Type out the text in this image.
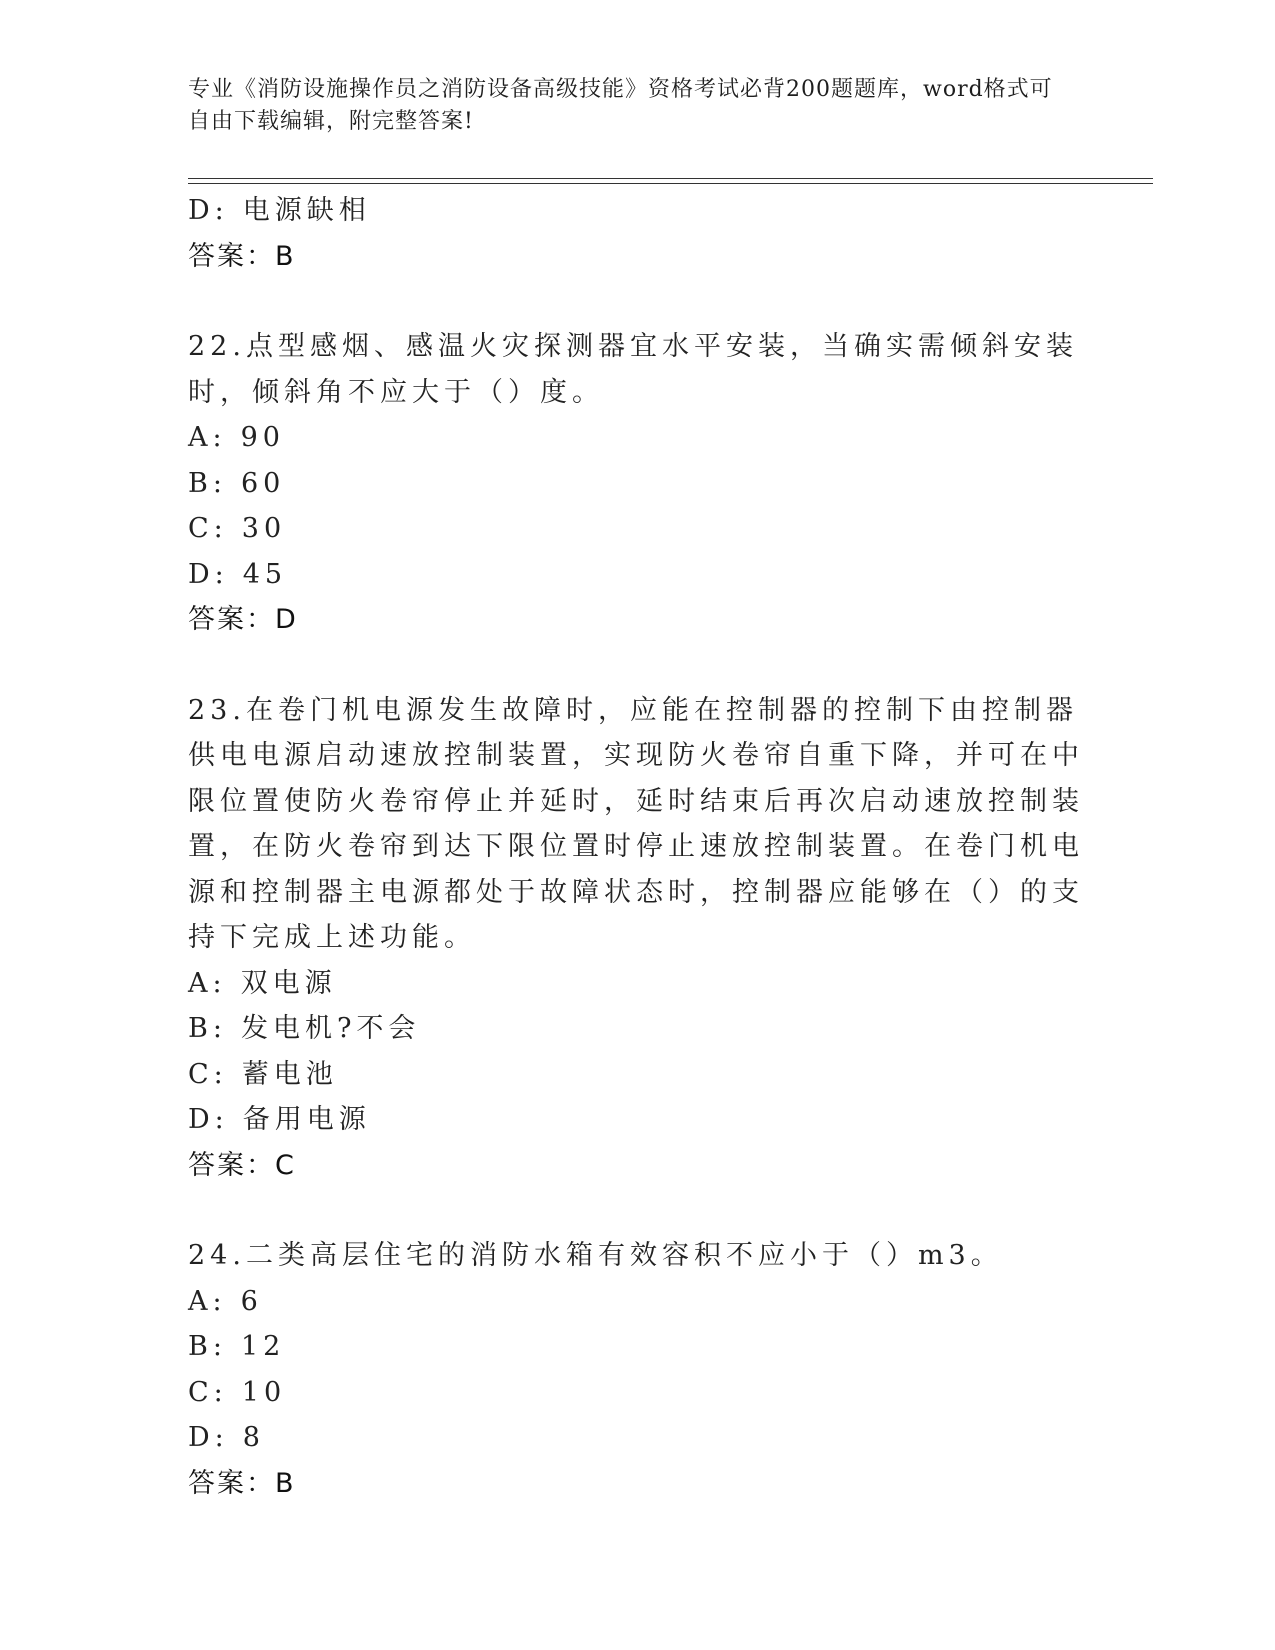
专业《消防设施操作员之消防设备高级技能》资格考试必背200题题库，word格式可自由下载编辑，附完整答案!
D: 电源缺相
答案：B
22.点型感烟、感温火灾探测器宜水平安装，当确实需倾斜安装时，倾斜角不应大于（）度。
A: 90
B: 60
C: 30
D: 45
答案：D
23.在卷门机电源发生故障时，应能在控制器的控制下由控制器供电电源启动速放控制装置，实现防火卷帘自重下降，并可在中限位置使防火卷帘停止并延时，延时结束后再次启动速放控制装置，在防火卷帘到达下限位置时停止速放控制装置。在卷门机电源和控制器主电源都处于故障状态时，控制器应能够在（）的支持下完成上述功能。
A: 双电源
B: 发电机?不会
C: 蓄电池
D: 备用电源
答案：C
24.二类高层住宅的消防水箱有效容积不应小于（）m3。
A: 6
B: 12
C: 10
D: 8
答案：B
